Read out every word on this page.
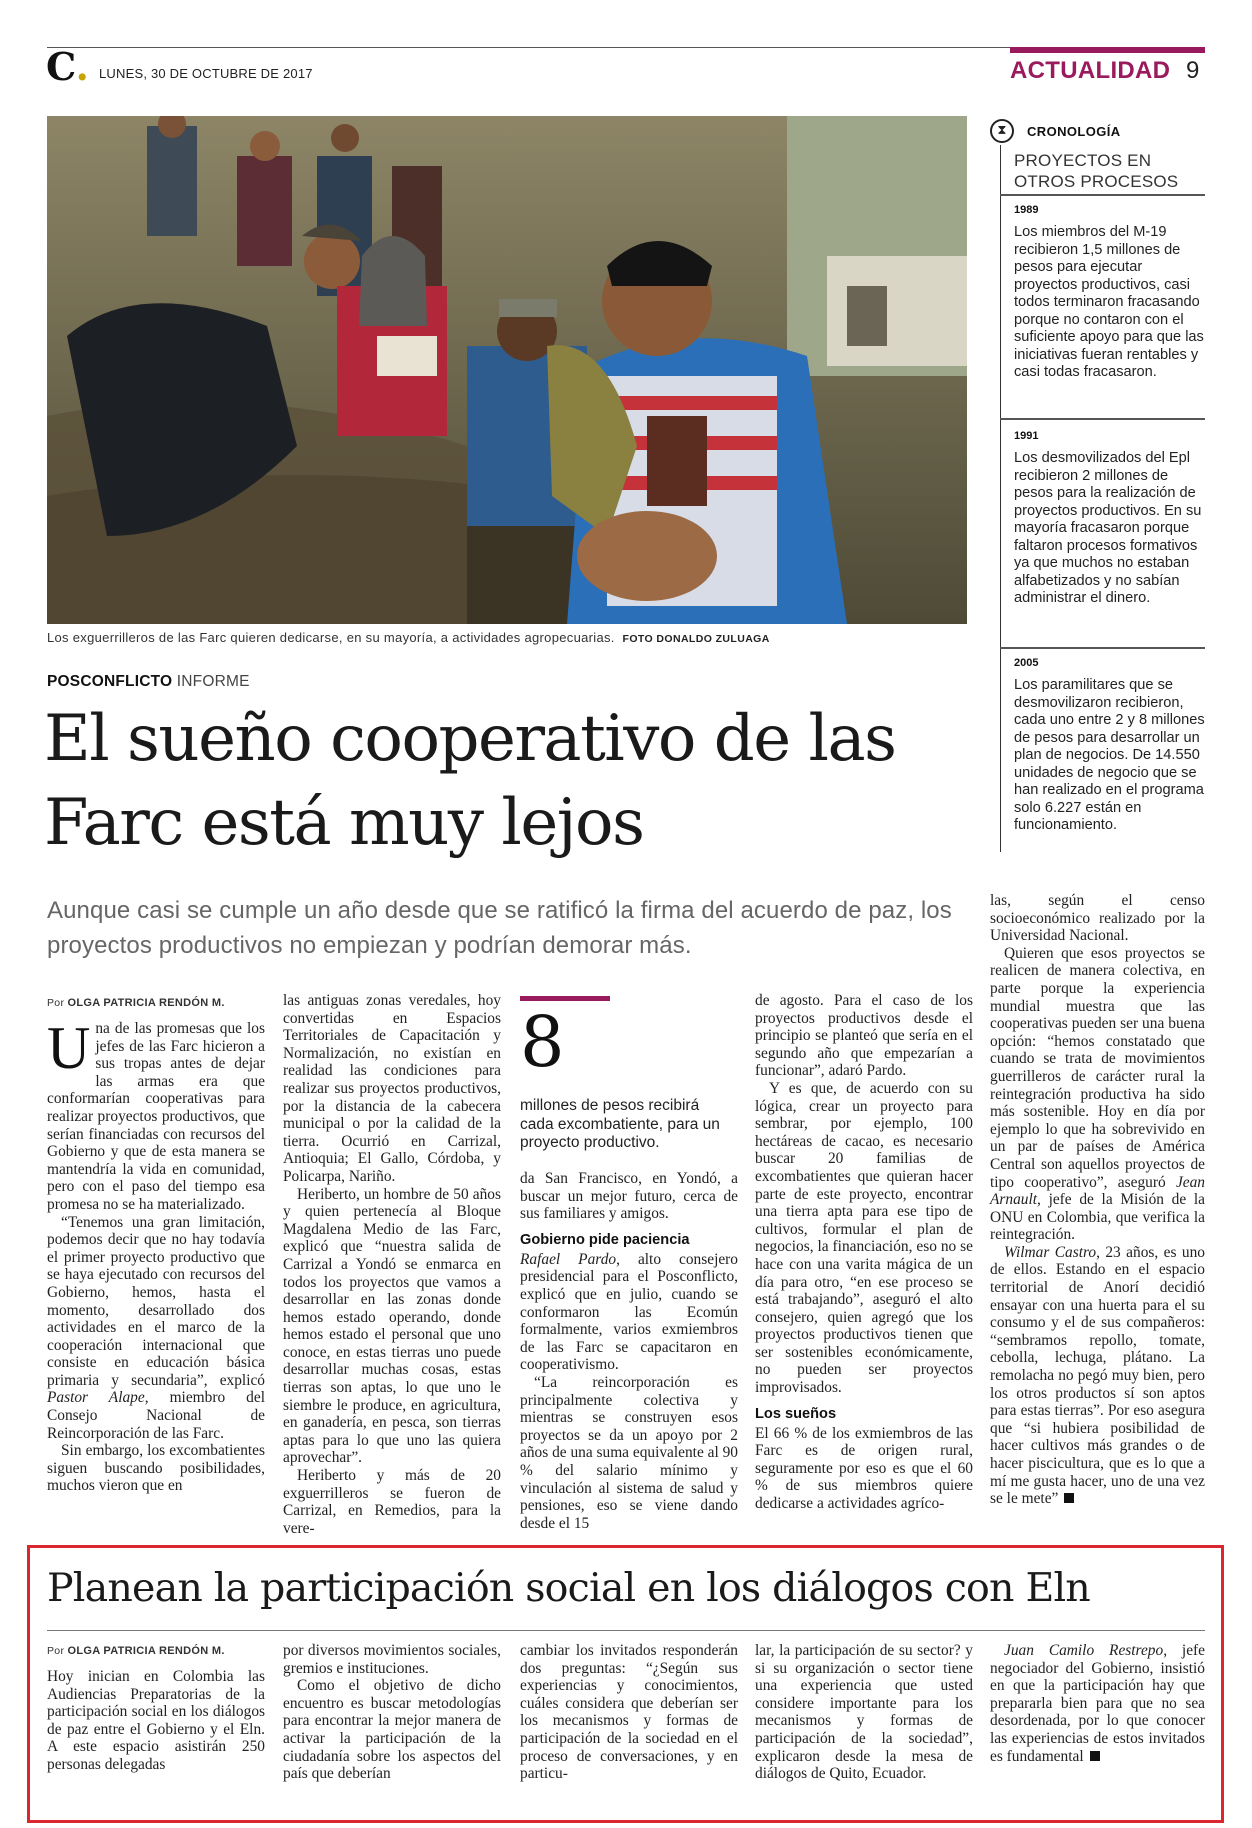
C. LUNES, 30 DE OCTUBRE DE 2017	ACTUALIDAD 9
Los exguerrilleros de las Farc quieren dedicarse, en su mayoría, a actividades agropecuarias. FOTO DONALDO ZULUAGA
⧗	CRONOLOGÍA
PROYECTOS EN OTROS PROCESOS
1989
Los miembros del M-19 recibieron 1,5 millones de pesos para ejecutar proyectos productivos, casi todos terminaron fracasando porque no contaron con el suficiente apoyo para que las iniciativas fueran rentables y casi todas fracasaron.
1991
Los desmovilizados del Epl recibieron 2 millones de pesos para la realización de proyectos productivos. En su mayoría fracasaron porque faltaron procesos formativos ya que muchos no estaban alfabetizados y no sabían administrar el dinero.
2005
Los paramilitares que se desmovilizaron recibieron, cada uno entre 2 y 8 millones de pesos para desarrollar un plan de negocios. De 14.550 unidades de negocio que se han realizado en el programa solo 6.227 están en funcionamiento.
POSCONFLICTO INFORME
El sueño cooperativo de las Farc está muy lejos
Aunque casi se cumple un año desde que se ratificó la firma del acuerdo de paz, los proyectos productivos no empiezan y podrían demorar más.
Por OLGA PATRICIA RENDÓN M.

Una de las promesas que los jefes de las Farc hicieron a sus tropas antes de dejar las armas era que conformarían cooperativas para realizar proyectos productivos, que serían financiadas con recursos del Gobierno y que de esta manera se mantendría la vida en comunidad, pero con el paso del tiempo esa promesa no se ha materializado.

“Tenemos una gran limitación, podemos decir que no hay todavía el primer proyecto productivo que se haya ejecutado con recursos del Gobierno, hemos, hasta el momento, desarrollado dos actividades en el marco de la cooperación internacional que consiste en educación básica primaria y secundaria”, explicó Pastor Alape, miembro del Consejo Nacional de Reincorporación de las Farc.

Sin embargo, los excombatientes siguen buscando posibilidades, muchos vieron que en

las antiguas zonas veredales, hoy convertidas en Espacios Territoriales de Capacitación y Normalización, no existían en realidad las condiciones para realizar sus proyectos productivos, por la distancia de la cabecera municipal o por la calidad de la tierra. Ocurrió en Carrizal, Antioquia; El Gallo, Córdoba, y Policarpa, Nariño.

Heriberto, un hombre de 50 años y quien pertenecía al Bloque Magdalena Medio de las Farc, explicó que “nuestra salida de Carrizal a Yondó se enmarca en todos los proyectos que vamos a desarrollar en las zonas donde hemos estado operando, donde hemos estado el personal que uno conoce, en estas tierras uno puede desarrollar muchas cosas, estas tierras son aptas, lo que uno le siembre le produce, en agricultura, en ganadería, en pesca, son tierras aptas para lo que uno las quiera aprovechar”.

Heriberto y más de 20 exguerrilleros se fueron de Carrizal, en Remedios, para la vere-

8
millones de pesos recibirá cada excombatiente, para un proyecto productivo.

da San Francisco, en Yondó, a buscar un mejor futuro, cerca de sus familiares y amigos.

Gobierno pide paciencia

Rafael Pardo, alto consejero presidencial para el Posconflicto, explicó que en julio, cuando se conformaron las Ecomún formalmente, varios exmiembros de las Farc se capacitaron en cooperativismo.

“La reincorporación es principalmente colectiva y mientras se construyen esos proyectos se da un apoyo por 2 años de una suma equivalente al 90 % del salario mínimo y vinculación al sistema de salud y pensiones, eso se viene dando desde el 15

de agosto. Para el caso de los proyectos productivos desde el principio se planteó que sería en el segundo año que empezarían a funcionar”, adaró Pardo.

Y es que, de acuerdo con su lógica, crear un proyecto para sembrar, por ejemplo, 100 hectáreas de cacao, es necesario buscar 20 familias de excombatientes que quieran hacer parte de este proyecto, encontrar una tierra apta para ese tipo de cultivos, formular el plan de negocios, la financiación, eso no se hace con una varita mágica de un día para otro, “en ese proceso se está trabajando”, aseguró el alto consejero, quien agregó que los proyectos productivos tienen que ser sostenibles económicamente, no pueden ser proyectos improvisados.

Los sueños

El 66 % de los exmiembros de las Farc es de origen rural, seguramente por eso es que el 60 % de sus miembros quiere dedicarse a actividades agríco-

las, según el censo socioeconómico realizado por la Universidad Nacional.

Quieren que esos proyectos se realicen de manera colectiva, en parte porque la experiencia mundial muestra que las cooperativas pueden ser una buena opción: “hemos constatado que cuando se trata de movimientos guerrilleros de carácter rural la reintegración productiva ha sido más sostenible. Hoy en día por ejemplo lo que ha sobrevivido en un par de países de América Central son aquellos proyectos de tipo cooperativo”, aseguró Jean Arnault, jefe de la Misión de la ONU en Colombia, que verifica la reintegración.

Wilmar Castro, 23 años, es uno de ellos. Estando en el espacio territorial de Anorí decidió ensayar con una huerta para el su consumo y el de sus compañeros: “sembramos repollo, tomate, cebolla, lechuga, plátano. La remolacha no pegó muy bien, pero los otros productos sí son aptos para estas tierras”. Por eso asegura que “si hubiera posibilidad de hacer cultivos más grandes o de hacer piscicultura, que es lo que a mí me gusta hacer, uno de una vez se le mete”

Planean la participación social en los diálogos con Eln
Por OLGA PATRICIA RENDÓN M.

Hoy inician en Colombia las Audiencias Preparatorias de la participación social en los diálogos de paz entre el Gobierno y el Eln. A este espacio asistirán 250 personas delegadas

por diversos movimientos sociales, gremios e instituciones.

Como el objetivo de dicho encuentro es buscar metodologías para encontrar la mejor manera de activar la participación de la ciudadanía sobre los aspectos del país que deberían

cambiar los invitados responderán dos preguntas: “¿Según sus experiencias y conocimientos, cuáles considera que deberían ser los mecanismos y formas de participación de la sociedad en el proceso de conversaciones, y en particu-

lar, la participación de su sector? y si su organización o sector tiene una experiencia que usted considere importante para los mecanismos y formas de participación de la sociedad”, explicaron desde la mesa de diálogos de Quito, Ecuador.

Juan Camilo Restrepo, jefe negociador del Gobierno, insistió en que la participación hay que prepararla bien para que no sea desordenada, por lo que conocer las experiencias de estos invitados es fundamental
